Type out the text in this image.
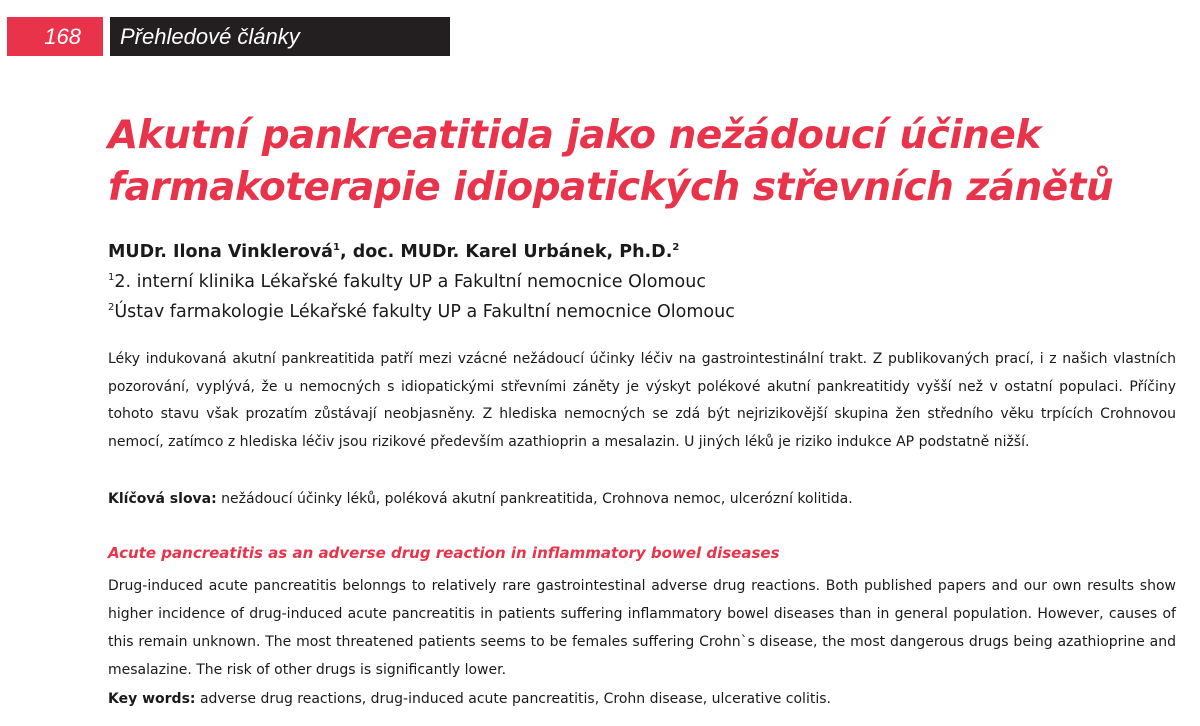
168	Přehledové články
Akutní pankreatitida jako nežádoucí účinek farmakoterapie idiopatických střevních zánětů
MUDr. Ilona Vinklerová$^1$, doc. MUDr. Karel Urbánek, Ph.D.$^2$
$^1$2. interní klinika Lékařské fakulty UP a Fakultní nemocnice Olomouc
$^2$Ústav farmakologie Lékařské fakulty UP a Fakultní nemocnice Olomouc

Léky indukovaná akutní pankreatitida patří mezi vzácné nežádoucí účinky léčiv na gastrointestinální trakt. Z publikovaných prací, i z našich vlastních pozorování, vyplývá, že u nemocných s idiopatickými střevními záněty je výskyt polékové akutní pankreatitidy vyšší než v ostatní populaci. Příčiny tohoto stavu však prozatím zůstávají neobjasněny. Z hlediska nemocných se zdá být nejrizikovější skupina žen středního věku trpících Crohnovou nemocí, zatímco z hlediska léčiv jsou rizikové především azathioprin a mesalazin. U jiných léků je riziko indukce AP podstatně nižší.

Klíčová slova: nežádoucí účinky léků, poléková akutní pankreatitida, Crohnova nemoc, ulcerózní kolitida.

Acute pancreatitis as an adverse drug reaction in inflammatory bowel diseases

Drug-induced acute pancreatitis belonngs to relatively rare gastrointestinal adverse drug reactions. Both published papers and our own results show higher incidence of drug-induced acute pancreatitis in patients suffering inflammatory bowel diseases than in general population. However, causes of this remain unknown. The most threatened patients seems to be females suffering Crohn`s disease, the most dangerous drugs being azathioprine and mesalazine. The risk of other drugs is significantly lower.

Key words: adverse drug reactions, drug-induced acute pancreatitis, Crohn disease, ulcerative colitis.
